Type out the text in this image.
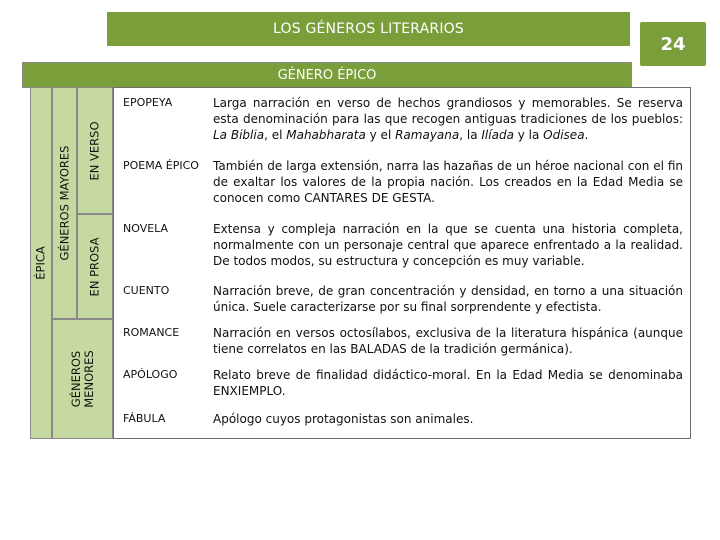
LOS GÉNEROS LITERARIOS
24
GÉNERO ÉPICO
ÉPICA
GÉNEROS MAYORES EN VERSO
EN PROSA
GÉNEROS MENORES
EPOPEYA	Larga narración en verso de hechos grandiosos y memorables. Se reserva esta denominación para las que recogen antiguas tradiciones de los pueblos: La Biblia, el Mahabharata y el Ramayana, la Ilíada y la Odisea.
POEMA ÉPICO	También de larga extensión, narra las hazañas de un héroe nacional con el fin de exaltar los valores de la propia nación. Los creados en la Edad Media se conocen como CANTARES DE GESTA.
NOVELA	Extensa y compleja narración en la que se cuenta una historia completa, normalmente con un personaje central que aparece enfrentado a la realidad. De todos modos, su estructura y concepción es muy variable.
CUENTO	Narración breve, de gran concentración y densidad, en torno a una situación única. Suele caracterizarse por su final sorprendente y efectista.
ROMANCE	Narración en versos octosílabos, exclusiva de la literatura hispánica (aunque tiene correlatos en las BALADAS de la tradición germánica).
APÓLOGO	Relato breve de finalidad didáctico-moral. En la Edad Media se denominaba ENXIEMPLO.
FÁBULA	Apólogo cuyos protagonistas son animales.
